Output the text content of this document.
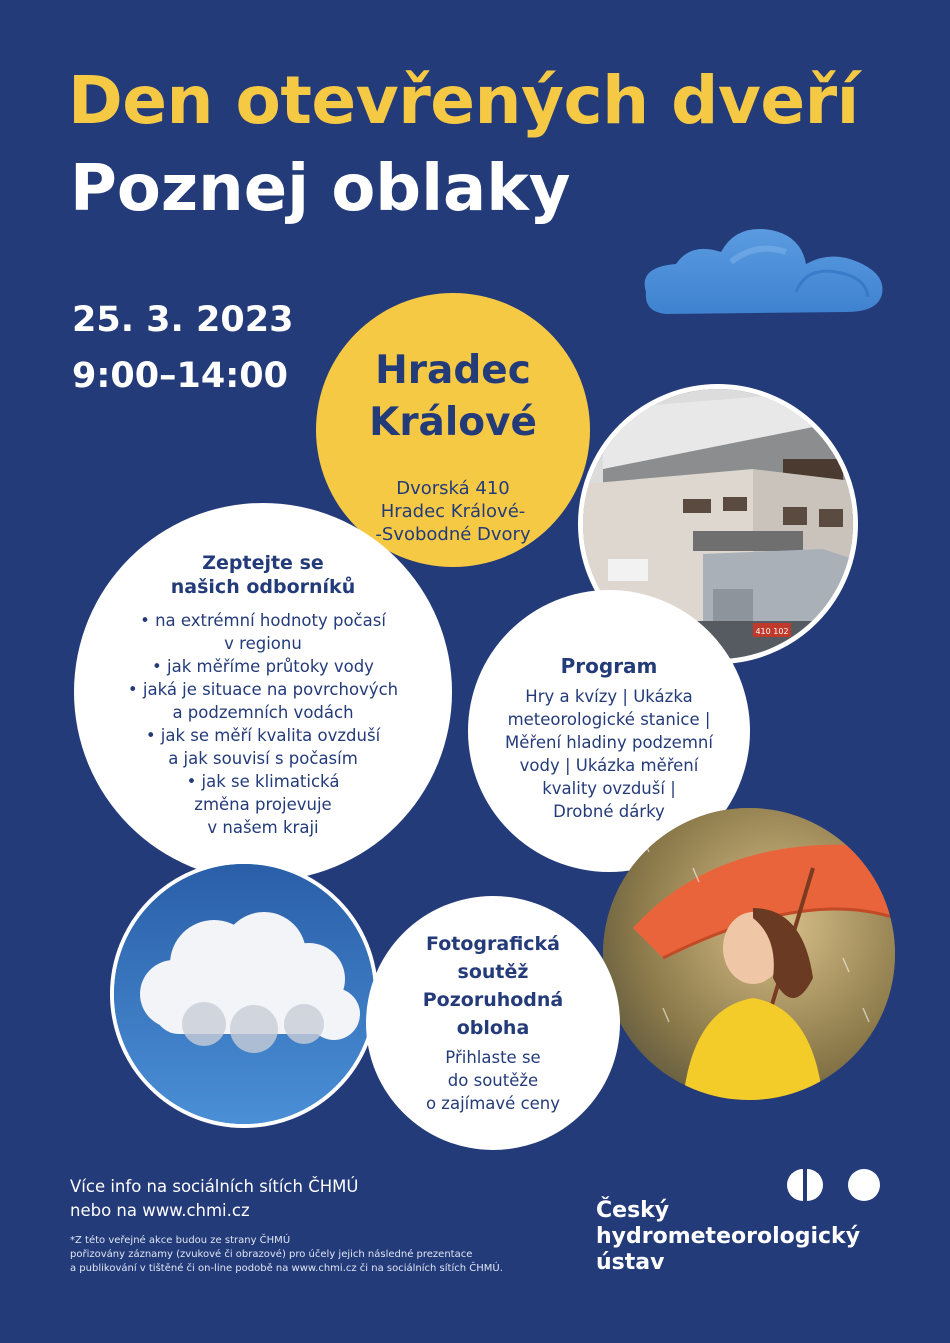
Den otevřených dveří
Poznej oblaky
25. 3. 2023
9:00–14:00
410 102
Hradec
Králové
Dvorská 410
Hradec Králové-
-Svobodné Dvory
Zeptejte se
našich odborníků
• na extrémní hodnoty počasí
v regionu
• jak měříme průtoky vody
• jaká je situace na povrchových
a podzemních vodách
• jak se měří kvalita ovzduší
a jak souvisí s počasím
• jak se klimatická
změna projevuje
v našem kraji
Program
Hry a kvízy | Ukázka
meteorologické stanice |
Měření hladiny podzemní
vody | Ukázka měření
kvality ovzduší |
Drobné dárky
Fotografická
soutěž
Pozoruhodná
obloha
Přihlaste se
do soutěže
o zajímavé ceny
Více info na sociálních sítích ČHMÚ
nebo na www.chmi.cz
*Z této veřejné akce budou ze strany ČHMÚ
pořizovány záznamy (zvukové či obrazové) pro účely jejich následné prezentace
a publikování v tištěné či on-line podobě na www.chmi.cz či na sociálních sítích ČHMÚ.
Český
hydrometeorologický
ústav
